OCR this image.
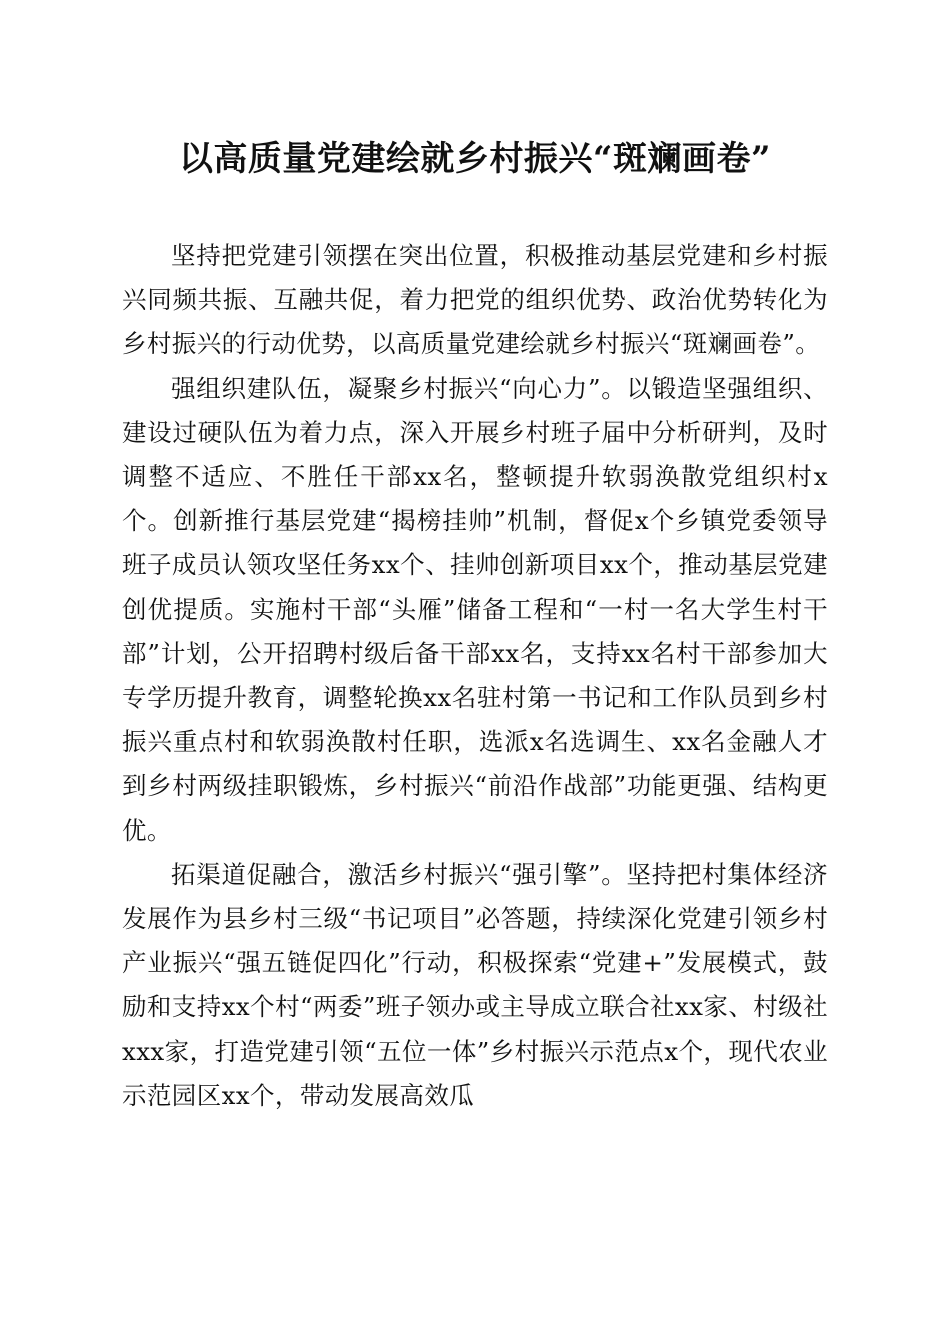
以高质量党建绘就乡村振兴“斑斓画卷”

坚持把党建引领摆在突出位置，积极推动基层党建和乡村振兴同频共振、互融共促，着力把党的组织优势、政治优势转化为乡村振兴的行动优势，以高质量党建绘就乡村振兴“斑斓画卷”。

强组织建队伍，凝聚乡村振兴“向心力”。以锻造坚强组织、建设过硬队伍为着力点，深入开展乡村班子届中分析研判，及时调整不适应、不胜任干部xx名，整顿提升软弱涣散党组织村x个。创新推行基层党建“揭榜挂帅”机制，督促x个乡镇党委领导班子成员认领攻坚任务xx个、挂帅创新项目xx个，推动基层党建创优提质。实施村干部“头雁”储备工程和“一村一名大学生村干部”计划，公开招聘村级后备干部xx名，支持xx名村干部参加大专学历提升教育，调整轮换xx名驻村第一书记和工作队员到乡村振兴重点村和软弱涣散村任职，选派x名选调生、xx名金融人才到乡村两级挂职锻炼，乡村振兴“前沿作战部”功能更强、结构更优。

拓渠道促融合，激活乡村振兴“强引擎”。坚持把村集体经济发展作为县乡村三级“书记项目”必答题，持续深化党建引领乡村产业振兴“强五链促四化”行动，积极探索“党建+”发展模式，鼓励和支持xx个村“两委”班子领办或主导成立联合社xx家、村级社xxx家，打造党建引领“五位一体”乡村振兴示范点x个，现代农业示范园区xx个，带动发展高效瓜
